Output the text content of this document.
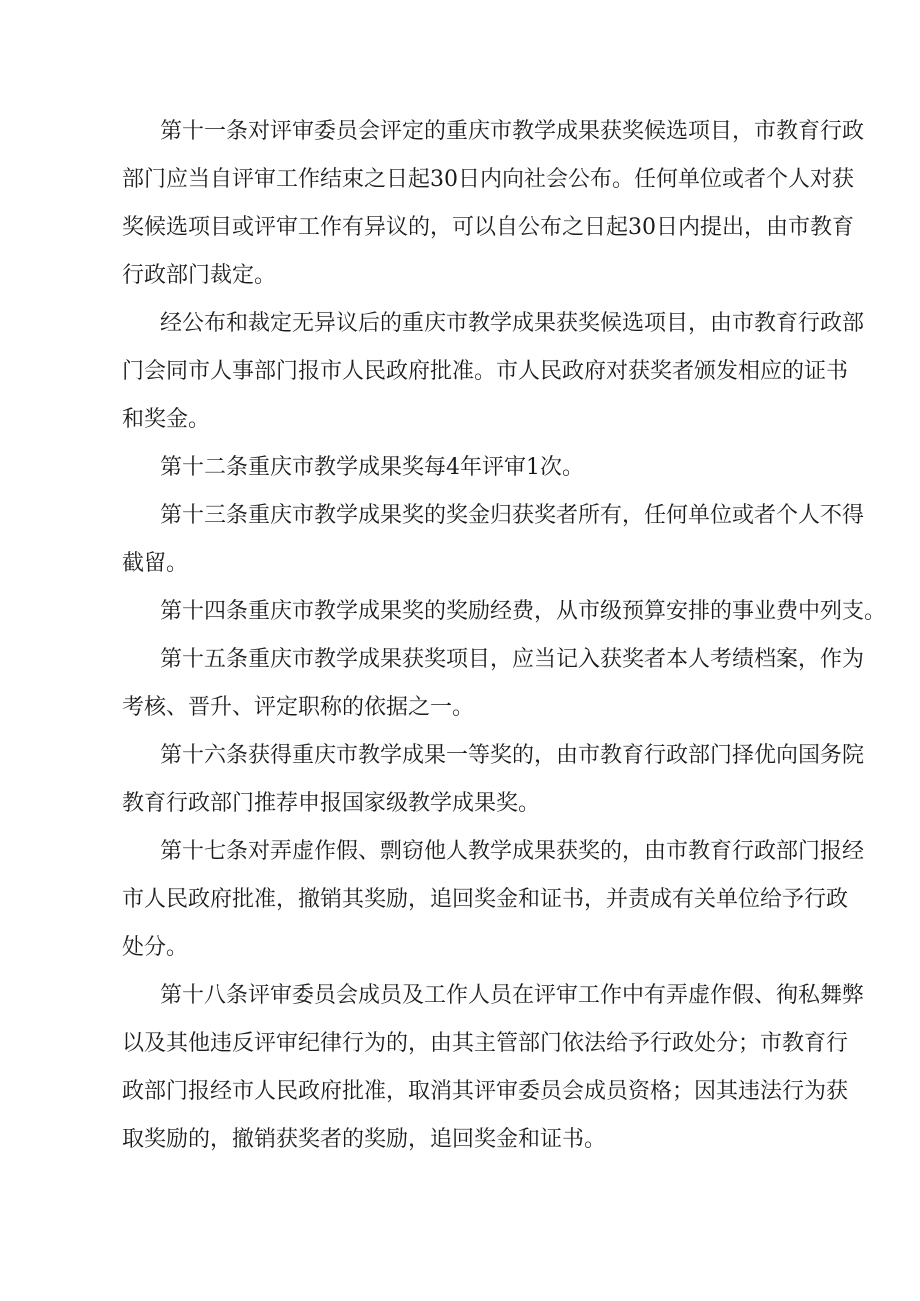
第十一条对评审委员会评定的重庆市教学成果获奖候选项目，市教育行政
部门应当自评审工作结束之日起30日内向社会公布。任何单位或者个人对获
奖候选项目或评审工作有异议的，可以自公布之日起30日内提出，由市教育
行政部门裁定。
经公布和裁定无异议后的重庆市教学成果获奖候选项目，由市教育行政部
门会同市人事部门报市人民政府批准。市人民政府对获奖者颁发相应的证书
和奖金。
第十二条重庆市教学成果奖每4年评审1次。
第十三条重庆市教学成果奖的奖金归获奖者所有，任何单位或者个人不得
截留。
第十四条重庆市教学成果奖的奖励经费，从市级预算安排的事业费中列支。
第十五条重庆市教学成果获奖项目，应当记入获奖者本人考绩档案，作为
考核、晋升、评定职称的依据之一。
第十六条获得重庆市教学成果一等奖的，由市教育行政部门择优向国务院
教育行政部门推荐申报国家级教学成果奖。
第十七条对弄虚作假、剽窃他人教学成果获奖的，由市教育行政部门报经
市人民政府批准，撤销其奖励，追回奖金和证书，并责成有关单位给予行政
处分。
第十八条评审委员会成员及工作人员在评审工作中有弄虚作假、徇私舞弊
以及其他违反评审纪律行为的，由其主管部门依法给予行政处分；市教育行
政部门报经市人民政府批准，取消其评审委员会成员资格；因其违法行为获
取奖励的，撤销获奖者的奖励，追回奖金和证书。
